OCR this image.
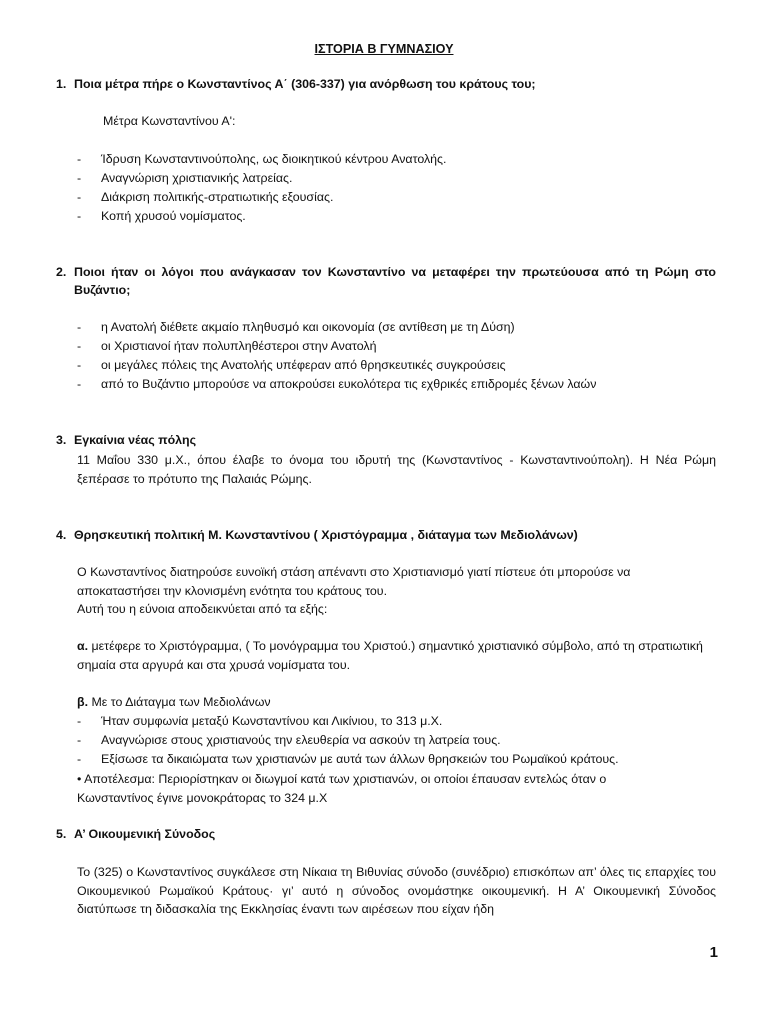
ΙΣΤΟΡΙΑ Β ΓΥΜΝΑΣΙΟΥ
1. Ποια μέτρα πήρε ο Κωνσταντίνος Α΄ (306-337) για ανόρθωση του κράτους του;
Μέτρα Κωνσταντίνου Α':
- Ίδρυση Κωνσταντινούπολης, ως διοικητικού κέντρου Ανατολής.
- Αναγνώριση χριστιανικής λατρείας.
- Διάκριση πολιτικής-στρατιωτικής εξουσίας.
- Κοπή χρυσού νομίσματος.
2. Ποιοι ήταν οι λόγοι που ανάγκασαν τον Κωνσταντίνο να μεταφέρει την πρωτεύουσα από τη Ρώμη στο Βυζάντιο;
- η Ανατολή διέθετε ακμαίο πληθυσμό και οικονομία (σε αντίθεση με τη Δύση)
- οι Χριστιανοί ήταν πολυπληθέστεροι στην Ανατολή
- οι μεγάλες πόλεις της Ανατολής υπέφεραν από θρησκευτικές συγκρούσεις
- από το Βυζάντιο μπορούσε να αποκρούσει ευκολότερα τις εχθρικές επιδρομές ξένων λαών
3. Εγκαίνια νέας πόλης
11 Μαΐου 330 μ.Χ., όπου έλαβε το όνομα του ιδρυτή της (Κωνσταντίνος - Κωνσταντινούπολη). Η Νέα Ρώμη ξεπέρασε το πρότυπο της Παλαιάς Ρώμης.
4. Θρησκευτική πολιτική Μ. Κωνσταντίνου ( Χριστόγραμμα , διάταγμα των Μεδιολάνων)

Ο Κωνσταντίνος διατηρούσε ευνοϊκή στάση απέναντι στο Χριστιανισμό γιατί πίστευε ότι μπορούσε να αποκαταστήσει την κλονισμένη ενότητα του κράτους του.

Αυτή του η εύνοια αποδεικνύεται από τα εξής:

α. μετέφερε το Χριστόγραμμα, ( Το μονόγραμμα του Χριστού.) σημαντικό χριστιανικό σύμβολο, από τη στρατιωτική σημαία στα αργυρά και στα χρυσά νομίσματα του.
β. Με το Διάταγμα των Μεδιολάνων
- Ήταν συμφωνία μεταξύ Κωνσταντίνου και Λικίνιου, το 313 μ.Χ.
- Αναγνώρισε στους χριστιανούς την ελευθερία να ασκούν τη λατρεία τους.
- Εξίσωσε τα δικαιώματα των χριστιανών με αυτά των άλλων θρησκειών του Ρωμαϊκού κράτους.

• Αποτέλεσμα: Περιορίστηκαν οι διωγμοί κατά των χριστιανών, οι οποίοι έπαυσαν εντελώς όταν ο

Κωνσταντίνος έγινε μονοκράτορας το 324 μ.Χ

5. Α’ Οικουμενική Σύνοδος
Το (325) ο Κωνσταντίνος συγκάλεσε στη Νίκαια τη Βιθυνίας σύνοδο (συνέδριο) επισκόπων απ’ όλες τις επαρχίες του Οικουμενικού Ρωμαϊκού Κράτους· γι’ αυτό η σύνοδος ονομάστηκε οικουμενική. Η Α’ Οικουμενική Σύνοδος διατύπωσε τη διδασκαλία της Εκκλησίας έναντι των αιρέσεων που είχαν ήδη
1
